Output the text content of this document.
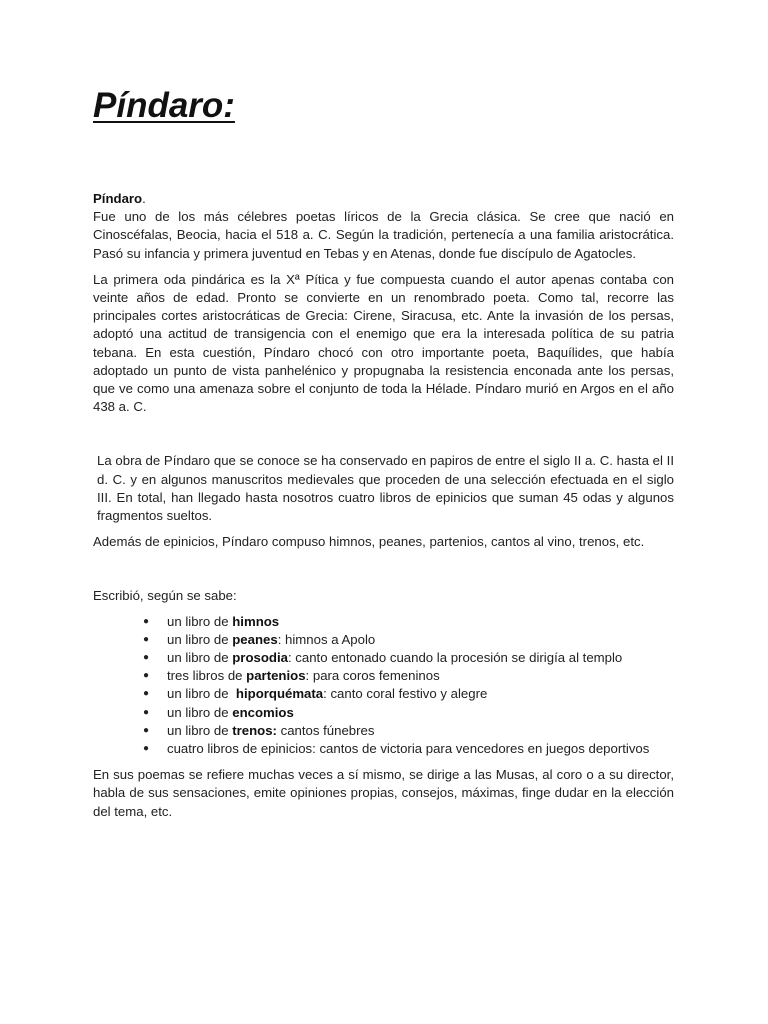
Píndaro:

Píndaro.

Fue uno de los más célebres poetas líricos de la Grecia clásica. Se cree que nació en Cinoscéfalas, Beocia, hacia el 518 a. C. Según la tradición, pertenecía a una familia aristocrática. Pasó su infancia y primera juventud en Tebas y en Atenas, donde fue discípulo de Agatocles.

La primera oda pindárica es la Xª Pítica y fue compuesta cuando el autor apenas contaba con veinte años de edad. Pronto se convierte en un renombrado poeta. Como tal, recorre las principales cortes aristocráticas de Grecia: Cirene, Siracusa, etc. Ante la invasión de los persas, adoptó una actitud de transigencia con el enemigo que era la interesada política de su patria tebana. En esta cuestión, Píndaro chocó con otro importante poeta, Baquílides, que había adoptado un punto de vista panhelénico y propugnaba la resistencia enconada ante los persas, que ve como una amenaza sobre el conjunto de toda la Hélade. Píndaro murió en Argos en el año 438 a. C.

La obra de Píndaro que se conoce se ha conservado en papiros de entre el siglo II a. C. hasta el II d. C. y en algunos manuscritos medievales que proceden de una selección efectuada en el siglo III. En total, han llegado hasta nosotros cuatro libros de epinicios que suman 45 odas y algunos fragmentos sueltos.

Además de epinicios, Píndaro compuso himnos, peanes, partenios, cantos al vino, trenos, etc.

Escribió, según se sabe:

● un libro de himnos
● un libro de peanes: himnos a Apolo
● un libro de prosodia: canto entonado cuando la procesión se dirigía al templo
● tres libros de partenios: para coros femeninos
● un libro de  hiporquémata: canto coral festivo y alegre
● un libro de encomios
● un libro de trenos: cantos fúnebres
● cuatro libros de epinicios: cantos de victoria para vencedores en juegos deportivos

En sus poemas se refiere muchas veces a sí mismo, se dirige a las Musas, al coro o a su director, habla de sus sensaciones, emite opiniones propias, consejos, máximas, finge dudar en la elección del tema, etc.
